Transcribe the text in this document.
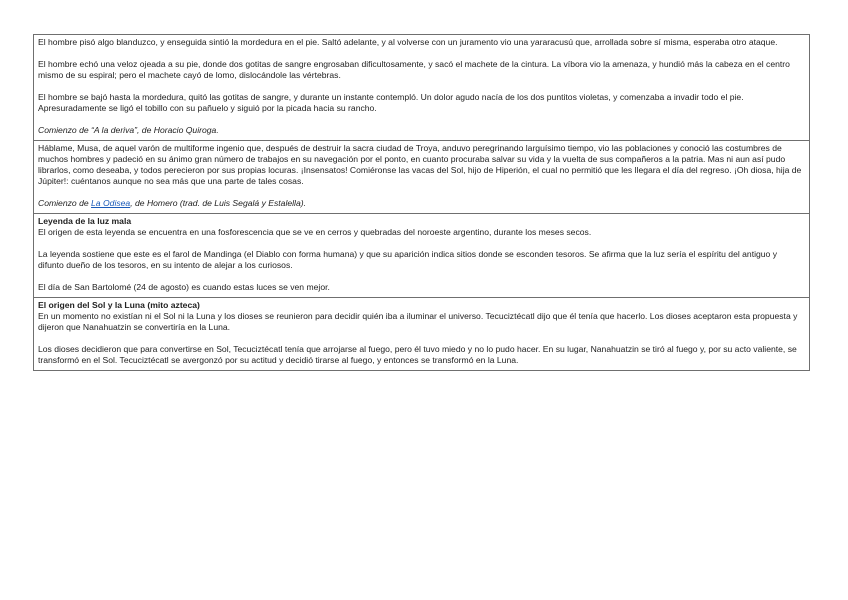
El hombre pisó algo blanduzco, y enseguida sintió la mordedura en el pie. Saltó adelante, y al volverse con un juramento vio una yararacusú que, arrollada sobre sí misma, esperaba otro ataque.

El hombre echó una veloz ojeada a su pie, donde dos gotitas de sangre engrosaban dificultosamente, y sacó el machete de la cintura. La víbora vio la amenaza, y hundió más la cabeza en el centro mismo de su espiral; pero el machete cayó de lomo, dislocándole las vértebras.

El hombre se bajó hasta la mordedura, quitó las gotitas de sangre, y durante un instante contempló. Un dolor agudo nacía de los dos puntitos violetas, y comenzaba a invadir todo el pie. Apresuradamente se ligó el tobillo con su pañuelo y siguió por la picada hacia su rancho.

Comienzo de “A la deriva”, de Horacio Quiroga.

Háblame, Musa, de aquel varón de multiforme ingenio que, después de destruir la sacra ciudad de Troya, anduvo peregrinando larguísimo tiempo, vio las poblaciones y conoció las costumbres de muchos hombres y padeció en su ánimo gran número de trabajos en su navegación por el ponto, en cuanto procuraba salvar su vida y la vuelta de sus compañeros a la patria. Mas ni aun así pudo librarlos, como deseaba, y todos perecieron por sus propias locuras. ¡Insensatos! Comiéronse las vacas del Sol, hijo de Hiperión, el cual no permitió que les llegara el día del regreso. ¡Oh diosa, hija de Júpiter!: cuéntanos aunque no sea más que una parte de tales cosas.

Comienzo de La Odisea, de Homero (trad. de Luis Segalá y Estalella).

Leyenda de la luz mala

El origen de esta leyenda se encuentra en una fosforescencia que se ve en cerros y quebradas del noroeste argentino, durante los meses secos.

La leyenda sostiene que este es el farol de Mandinga (el Diablo con forma humana) y que su aparición indica sitios donde se esconden tesoros. Se afirma que la luz sería el espíritu del antiguo y difunto dueño de los tesoros, en su intento de alejar a los curiosos.

El día de San Bartolomé (24 de agosto) es cuando estas luces se ven mejor.

El origen del Sol y la Luna (mito azteca)

En un momento no existían ni el Sol ni la Luna y los dioses se reunieron para decidir quién iba a iluminar el universo. Tecuciztécatl dijo que él tenía que hacerlo. Los dioses aceptaron esta propuesta y dijeron que Nanahuatzin se convertiría en la Luna.

Los dioses decidieron que para convertirse en Sol, Tecuciztécatl tenía que arrojarse al fuego, pero él tuvo miedo y no lo pudo hacer. En su lugar, Nanahuatzin se tiró al fuego y, por su acto valiente, se transformó en el Sol. Tecuciztécatl se avergonzó por su actitud y decidió tirarse al fuego, y entonces se transformó en la Luna.
